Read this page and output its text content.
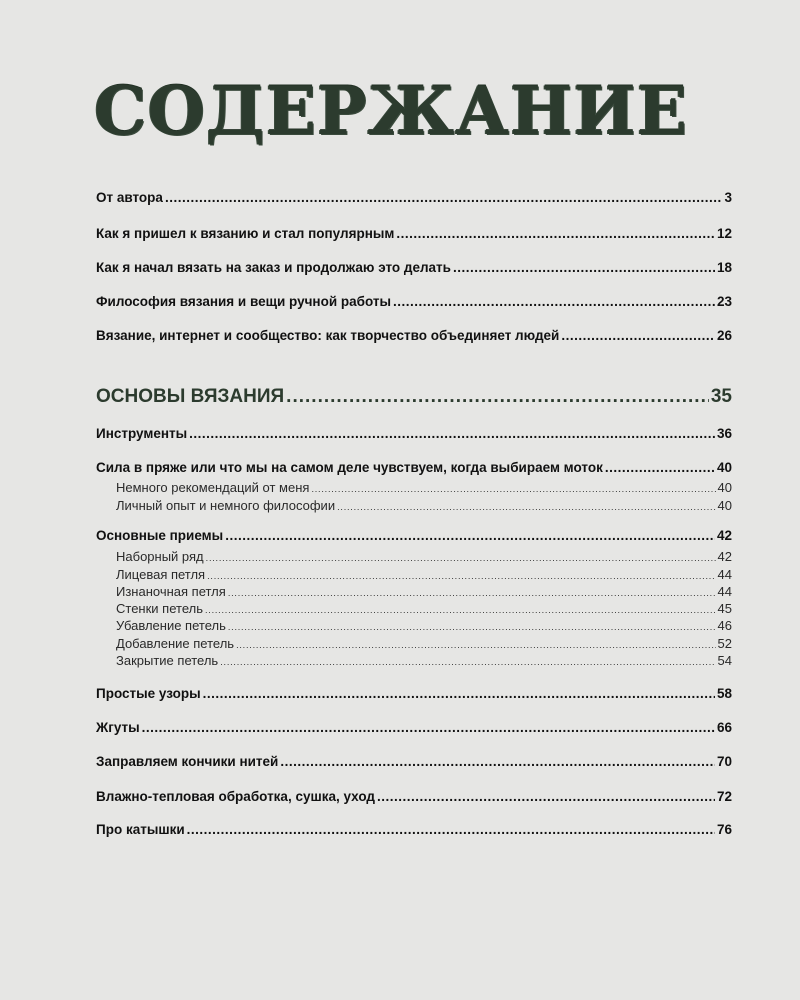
СОДЕРЖАНИЕ
От автора .....	3
Как я пришел к вязанию и стал популярным .....	12
Как я начал вязать на заказ и продолжаю это делать .....	18
Философия вязания и вещи ручной работы .....	23
Вязание, интернет и сообщество: как творчество объединяет людей .....	26
ОСНОВЫ ВЯЗАНИЯ .....	35
Инструменты .....	36
Сила в пряже или что мы на самом деле чувствуем, когда выбираем моток .....	40
Немного рекомендаций от меня .....	40
Личный опыт и немного философии .....	40
Основные приемы .....	42
Наборный ряд .....	42
Лицевая петля .....	44
Изнаночная петля .....	44
Стенки петель .....	45
Убавление петель .....	46
Добавление петель .....	52
Закрытие петель .....	54
Простые узоры .....	58
Жгуты .....	66
Заправляем кончики нитей .....	70
Влажно-тепловая обработка, сушка, уход .....	72
Про катышки .....	76
